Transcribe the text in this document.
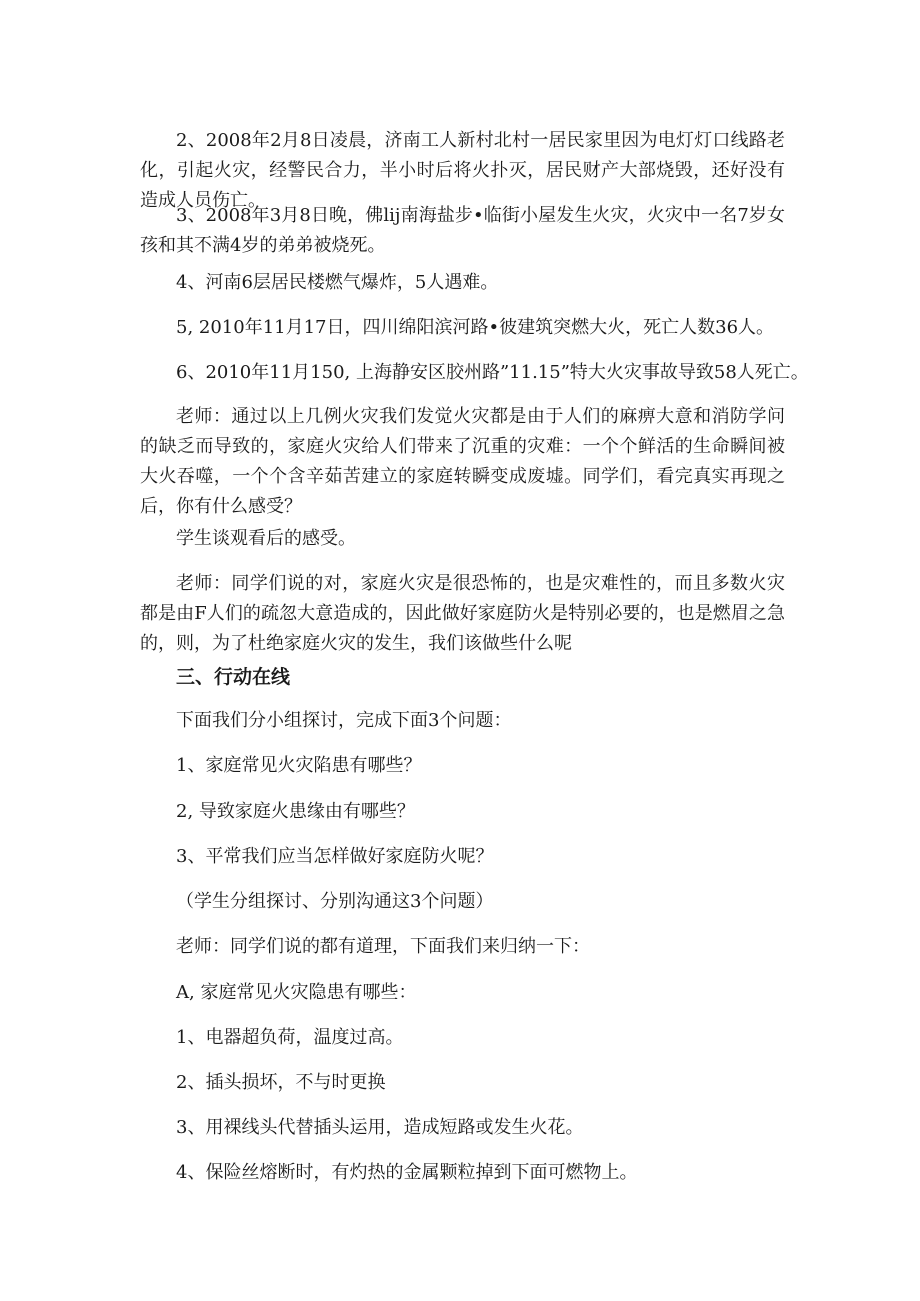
2、2008年2月8日凌晨，济南工人新村北村一居民家里因为电灯灯口线路老化，引起火灾，经警民合力，半小时后将火扑灭，居民财产大部烧毁，还好没有造成人员伤亡。

3、2008年3月8日晚，佛lij南海盐步•临街小屋发生火灾，火灾中一名7岁女孩和其不满4岁的弟弟被烧死。

4、河南6层居民楼燃气爆炸，5人遇难。

5, 2010年11月17日，四川绵阳滨河路•彼建筑突燃大火，死亡人数36人。

6、2010年11月150, 上海静安区胶州路”11.15”特大火灾事故导致58人死亡。

老师：通过以上几例火灾我们发觉火灾都是由于人们的麻痹大意和消防学问的缺乏而导致的，家庭火灾给人们带来了沉重的灾难：一个个鲜活的生命瞬间被大火吞噬，一个个含辛茹苦建立的家庭转瞬变成废墟。同学们，看完真实再现之后，你有什么感受？

学生谈观看后的感受。

老师：同学们说的对，家庭火灾是很恐怖的，也是灾难性的，而且多数火灾都是由F人们的疏忽大意造成的，因此做好家庭防火是特别必要的，也是燃眉之急的，则，为了杜绝家庭火灾的发生，我们该做些什么呢

三、行动在线

下面我们分小组探讨，完成下面3个问题：

1、家庭常见火灾陷患有哪些？

2, 导致家庭火患缘由有哪些？

3、平常我们应当怎样做好家庭防火呢？

（学生分组探讨、分别沟通这3个问题）

老师：同学们说的都有道理，下面我们来归纳一下：

A, 家庭常见火灾隐患有哪些：

1、电器超负荷，温度过高。

2、插头损坏，不与时更换

3、用裸线头代替插头运用，造成短路或发生火花。

4、保险丝熔断时，有灼热的金属颗粒掉到下面可燃物上。
